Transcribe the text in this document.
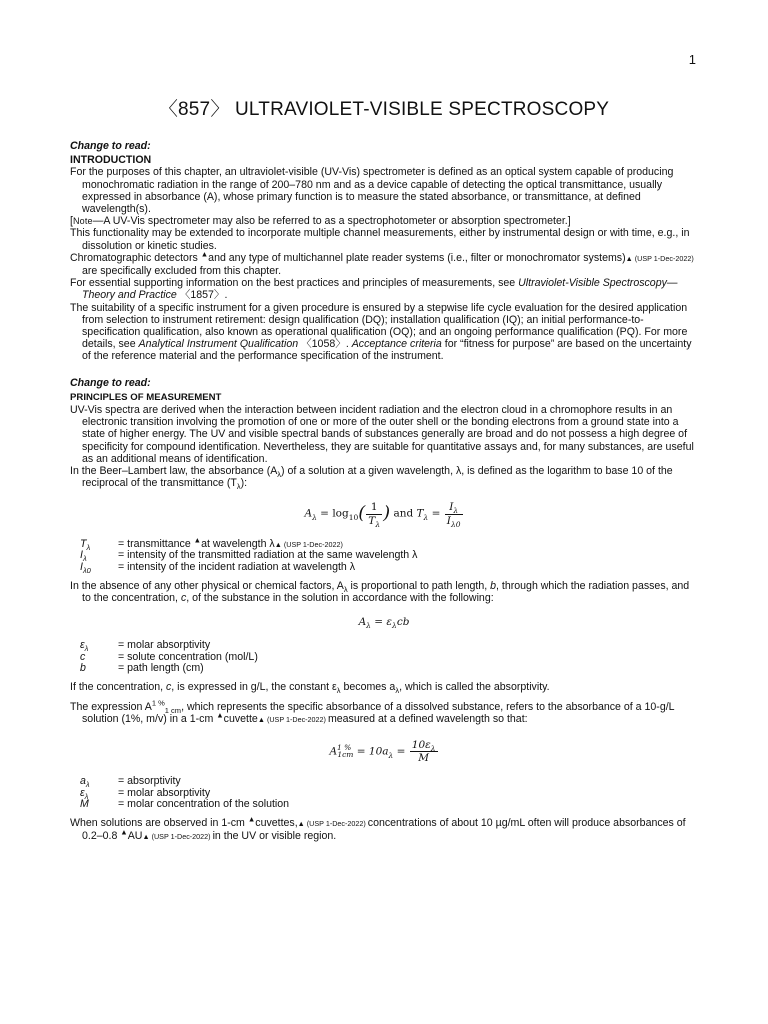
1
〈857〉 ULTRAVIOLET-VISIBLE SPECTROSCOPY
Change to read:
INTRODUCTION

For the purposes of this chapter, an ultraviolet-visible (UV-Vis) spectrometer is defined as an optical system capable of producing monochromatic radiation in the range of 200–780 nm and as a device capable of detecting the optical transmittance, usually expressed in absorbance (A), whose primary function is to measure the stated absorbance, or transmittance, at defined wavelength(s).

[Note—A UV-Vis spectrometer may also be referred to as a spectrophotometer or absorption spectrometer.]

This functionality may be extended to incorporate multiple channel measurements, either by instrumental design or with time, e.g., in dissolution or kinetic studies.

Chromatographic detectors ▲and any type of multichannel plate reader systems (i.e., filter or monochromator systems)▲ (USP 1-Dec-2022) are specifically excluded from this chapter.

For essential supporting information on the best practices and principles of measurements, see Ultraviolet-Visible Spectroscopy—Theory and Practice 〈1857〉.

The suitability of a specific instrument for a given procedure is ensured by a stepwise life cycle evaluation for the desired application from selection to instrument retirement: design qualification (DQ); installation qualification (IQ); an initial performance-to-specification qualification, also known as operational qualification (OQ); and an ongoing performance qualification (PQ). For more details, see Analytical Instrument Qualification 〈1058〉. Acceptance criteria for “fitness for purpose” are based on the uncertainty of the reference material and the performance specification of the instrument.

Change to read:
PRINCIPLES OF MEASUREMENT

UV-Vis spectra are derived when the interaction between incident radiation and the electron cloud in a chromophore results in an electronic transition involving the promotion of one or more of the outer shell or the bonding electrons from a ground state into a state of higher energy. The UV and visible spectral bands of substances generally are broad and do not possess a high degree of specificity for compound identification. Nevertheless, they are suitable for quantitative assays and, for many substances, are useful as an additional means of identification.

In the Beer–Lambert law, the absorbance $(A_\lambda)$ of a solution at a given wavelength, λ, is defined as the logarithm to base 10 of the reciprocal of the transmittance $(T_\lambda)$:

$A_\lambda = \log_{10}( \frac{1}{T_\lambda}$ ) and $T_\lambda = \frac{I_\lambda}{I_{\lambda 0}}$
$T_\lambda$	= transmittance ▲at wavelength λ▲ (USP 1-Dec-2022)
$I_\lambda$	= intensity of the transmitted radiation at the same wavelength λ
$I_{\lambda 0}$	= intensity of the incident radiation at wavelength λ

In the absence of any other physical or chemical factors, $A_\lambda$ is proportional to path length, b, through which the radiation passes, and to the concentration, c, of the substance in the solution in accordance with the following:

$A_\lambda = \varepsilon_\lambda cb$
$\varepsilon_\lambda$	= molar absorptivity
c	= solute concentration (mol/L)
b	= path length (cm)

If the concentration, c, is expressed in g/L, the constant $\varepsilon_\lambda$ becomes $a_\lambda$, which is called the absorptivity.

The expression $A^{1 \%}_{1 cm}$, which represents the specific absorbance of a dissolved substance, refers to the absorbance of a 10-g/L solution (1%, m/v) in a 1-cm ▲cuvette▲ (USP 1-Dec-2022) measured at a defined wavelength so that:

$A^{1 \%}_{1cm} = 10a_\lambda = \frac{10\varepsilon_\lambda}{M}$
$a_\lambda$	= absorptivity
$\varepsilon_\lambda$	= molar absorptivity
M	= molar concentration of the solution

When solutions are observed in 1-cm ▲cuvettes,▲ (USP 1-Dec-2022) concentrations of about 10 µg/mL often will produce absorbances of 0.2–0.8 ▲AU▲ (USP 1-Dec-2022) in the UV or visible region.
